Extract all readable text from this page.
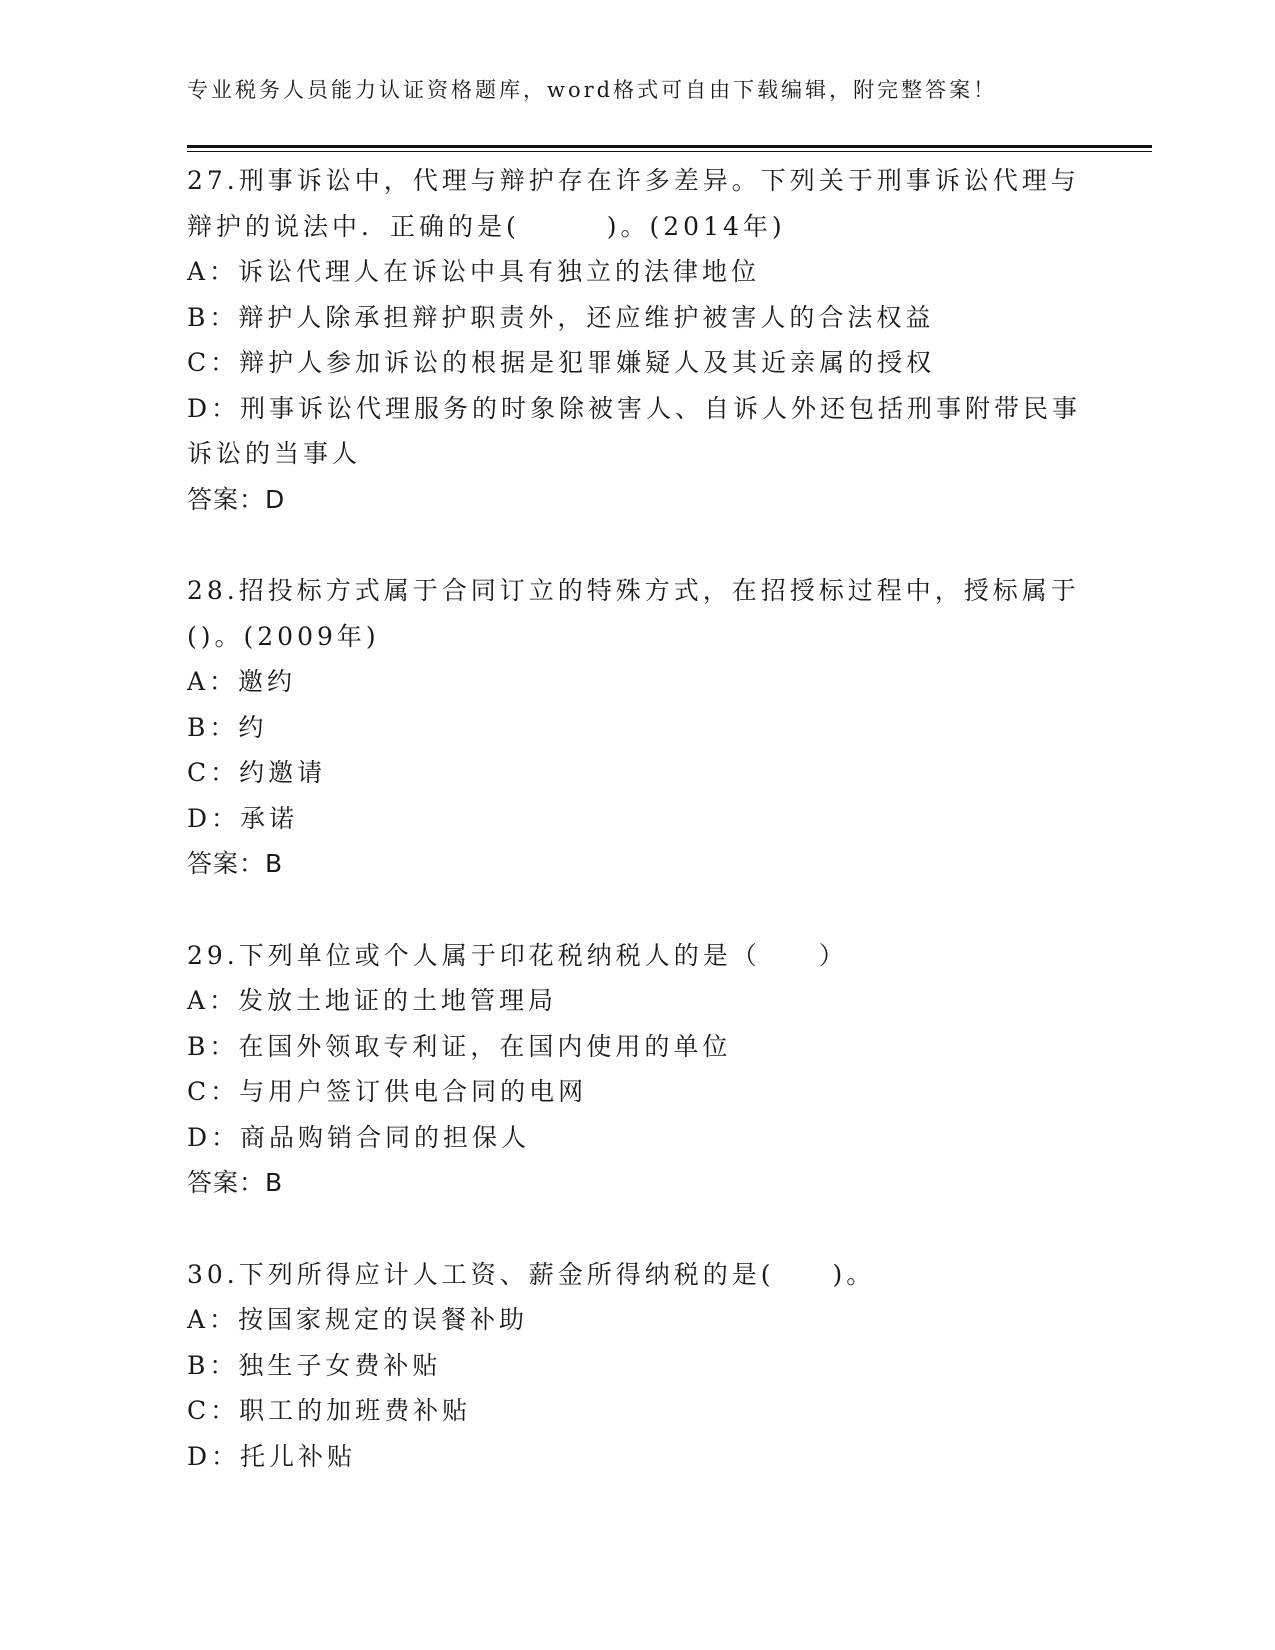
专业税务人员能力认证资格题库，word格式可自由下载编辑，附完整答案！
27.刑事诉讼中，代理与辩护存在许多差异。下列关于刑事诉讼代理与
辩护的说法中．正确的是(　　　)。(2014年)
A：诉讼代理人在诉讼中具有独立的法律地位
B：辩护人除承担辩护职责外，还应维护被害人的合法权益
C：辩护人参加诉讼的根据是犯罪嫌疑人及其近亲属的授权
D：刑事诉讼代理服务的时象除被害人、自诉人外还包括刑事附带民事
诉讼的当事人
答案：D
28.招投标方式属于合同订立的特殊方式，在招授标过程中，授标属于
()。(2009年)
A：邀约
B：约
C：约邀请
D：承诺
答案：B
29.下列单位或个人属于印花税纳税人的是（　　）
A：发放土地证的土地管理局
B：在国外领取专利证，在国内使用的单位
C：与用户签订供电合同的电网
D：商品购销合同的担保人
答案：B
30.下列所得应计人工资、薪金所得纳税的是(　　)。
A：按国家规定的误餐补助
B：独生子女费补贴
C：职工的加班费补贴
D：托儿补贴
